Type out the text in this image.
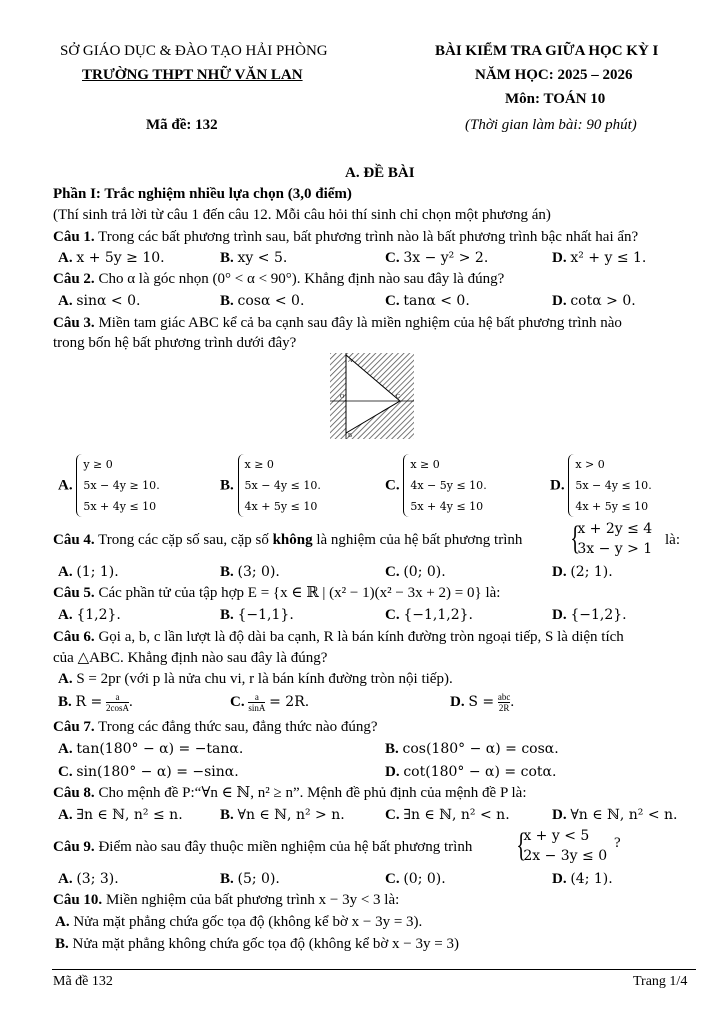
SỞ GIÁO DỤC & ĐÀO TẠO HẢI PHÒNG
TRƯỜNG THPT NHỮ VĂN LAN
BÀI KIỂM TRA GIỮA HỌC KỲ I
NĂM HỌC: 2025 – 2026
Môn: TOÁN 10
Mã đề: 132	(Thời gian làm bài: 90 phút)
A. ĐỀ BÀI
Phần I: Trắc nghiệm nhiều lựa chọn (3,0 điểm)
(Thí sinh trả lời từ câu 1 đến câu 12. Mỗi câu hỏi thí sinh chỉ chọn một phương án)
Câu 1. Trong các bất phương trình sau, bất phương trình nào là bất phương trình bậc nhất hai ẩn?
A. x + 5y ≥ 10.	B. xy < 5.	C. 3x − y² > 2.	D. x² + y ≤ 1.
Câu 2. Cho α là góc nhọn (0° < α < 90°). Khẳng định nào sau đây là đúng?
A. sinα < 0.	B. cosα < 0.	C. tanα < 0.	D. cotα > 0.
Câu 3. Miền tam giác ABC kể cả ba cạnh sau đây là miền nghiệm của hệ bất phương trình nào
trong bốn hệ bất phương trình dưới đây?
A
B
C
O
A. y ≥ 0
5x − 4y ≥ 10.
5x + 4y ≤ 10
B. x ≥ 0
5x − 4y ≤ 10.
4x + 5y ≤ 10
C. x ≥ 0
4x − 5y ≤ 10.
5x + 4y ≤ 10
D. x > 0
5x − 4y ≤ 10.
4x + 5y ≤ 10
Câu 4. Trong các cặp số sau, cặp số không là nghiệm của hệ bất phương trình {x + 2y ≤ 4
3x − y > 1
là:
A. (1; 1).	B. (3; 0).	C. (0; 0).	D. (2; 1).
Câu 5. Các phần tử của tập hợp E = {x ∈ ℝ | (x² − 1)(x² − 3x + 2) = 0} là:
A. {1,2}.	B. {−1,1}.	C. {−1,1,2}.	D. {−1,2}.
Câu 6. Gọi a, b, c lần lượt là độ dài ba cạnh, R là bán kính đường tròn ngoại tiếp, S là diện tích
của △ABC. Khẳng định nào sau đây là đúng?
A. S = 2pr (với p là nửa chu vi, r là bán kính đường tròn nội tiếp).
B. $R = \frac{a}{2\cos A}$ .	C. $\frac{a}{\sin A} = 2R$.	D. S = abc
2R .
Câu 7. Trong các đẳng thức sau, đẳng thức nào đúng?
A. tan(180° − α) = −tanα.	B. cos(180° − α) = cosα.
C. sin(180° − α) = −sinα.	D. cot(180° − α) = cotα.
Câu 8. Cho mệnh đề P:“∀n ∈ ℕ, n² ≥ n”. Mệnh đề phủ định của mệnh đề P là:
A. ∃n ∈ ℕ, n² ≤ n. B. ∀n ∈ ℕ, n² > n.	C. ∃n ∈ ℕ, n² < n.	D. ∀n ∈ ℕ, n² < n.
Câu 9. Điểm nào sau đây thuộc miền nghiệm của hệ bất phương trình {x + y < 5
2x − 3y ≤ 0
?
A. (3; 3).	B. (5; 0).	C. (0; 0).	D. (4; 1).
Câu 10. Miền nghiệm của bất phương trình x − 3y < 3 là:
A. Nửa mặt phẳng chứa gốc tọa độ (không kể bờ x − 3y = 3).
B. Nửa mặt phẳng không chứa gốc tọa độ (không kể bờ x − 3y = 3)
Mã đề 132	Trang 1/4
